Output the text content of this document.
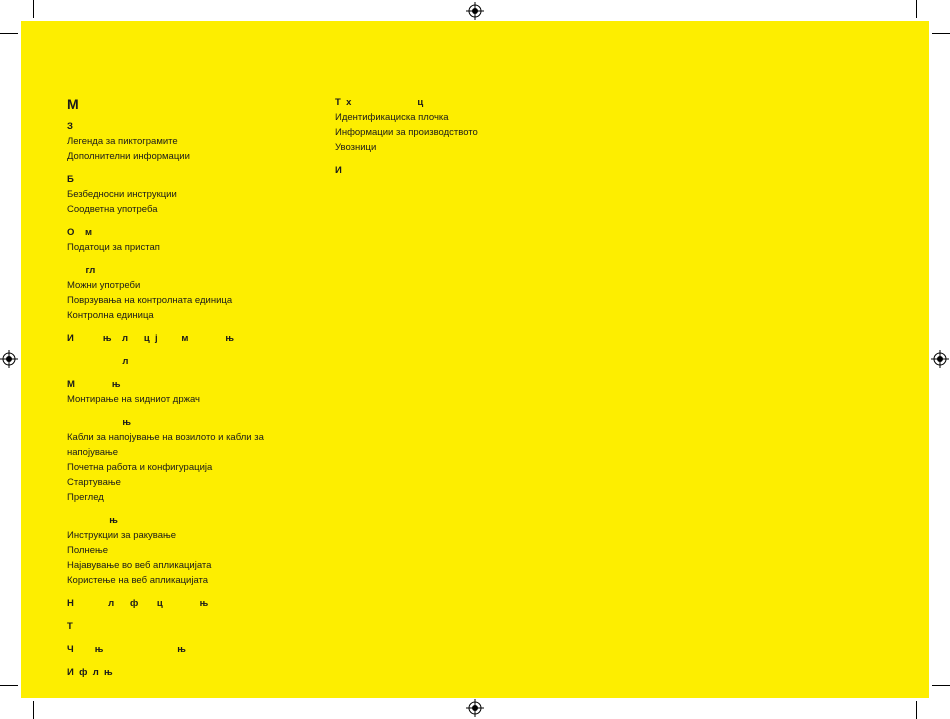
М
З
Легенда за пиктограмите
Дополнителни информации
Б
Безбедносни инструкции
Соодветна употреба
О    м
Податоци за пристап
гл
Можни употреби
Поврзувања на контролната единица
Контролна единица
И           њ    л      ц  ј         м              њ
л
М              њ
Монтирање на ѕидниот држач
њ
Кабли за напојување на возилото и кабли за напојување
Почетна работа и конфигурација
Стартување
Преглед
њ
Инструкции за ракување
Полнење
Најавување во веб апликацијата
Користење на веб апликацијата
Н             л      ф       ц              њ
Т
Ч        њ                            њ
И  ф  л  њ
Т  х                         ц
Идентификациска плочка
Информации за производството
Увозници
И
